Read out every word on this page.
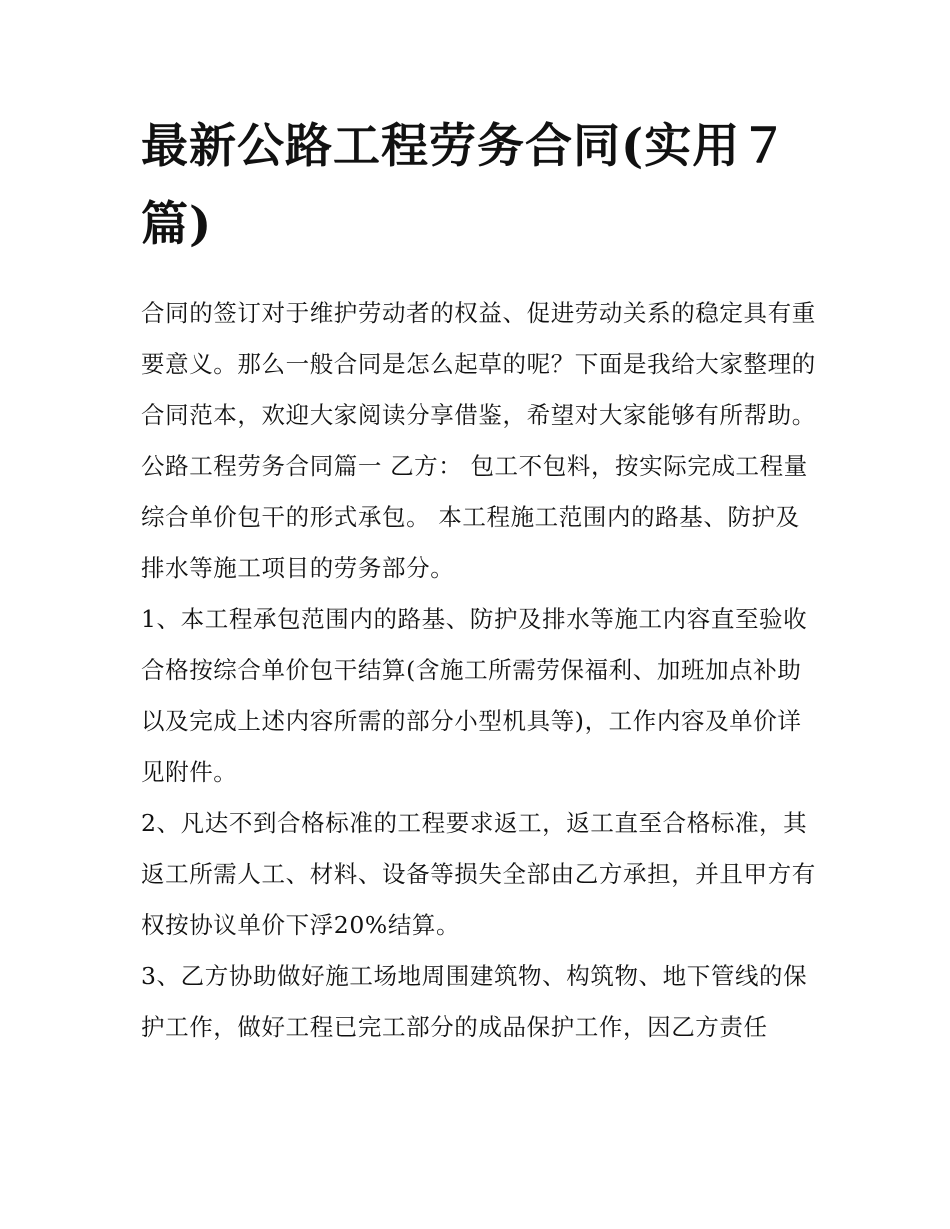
最新公路工程劳务合同(实用７篇)

合同的签订对于维护劳动者的权益、促进劳动关系的稳定具有重要意义。那么一般合同是怎么起草的呢？下面是我给大家整理的合同范本，欢迎大家阅读分享借鉴，希望对大家能够有所帮助。

公路工程劳务合同篇一 乙方： 包工不包料，按实际完成工程量综合单价包干的形式承包。 本工程施工范围内的路基、防护及排水等施工项目的劳务部分。

1、本工程承包范围内的路基、防护及排水等施工内容直至验收合格按综合单价包干结算(含施工所需劳保福利、加班加点补助以及完成上述内容所需的部分小型机具等)，工作内容及单价详见附件。

2、凡达不到合格标准的工程要求返工，返工直至合格标准，其返工所需人工、材料、设备等损失全部由乙方承担，并且甲方有权按协议单价下浮20%结算。

3、乙方协助做好施工场地周围建筑物、构筑物、地下管线的保护工作，做好工程已完工部分的成品保护工作，因乙方责任
